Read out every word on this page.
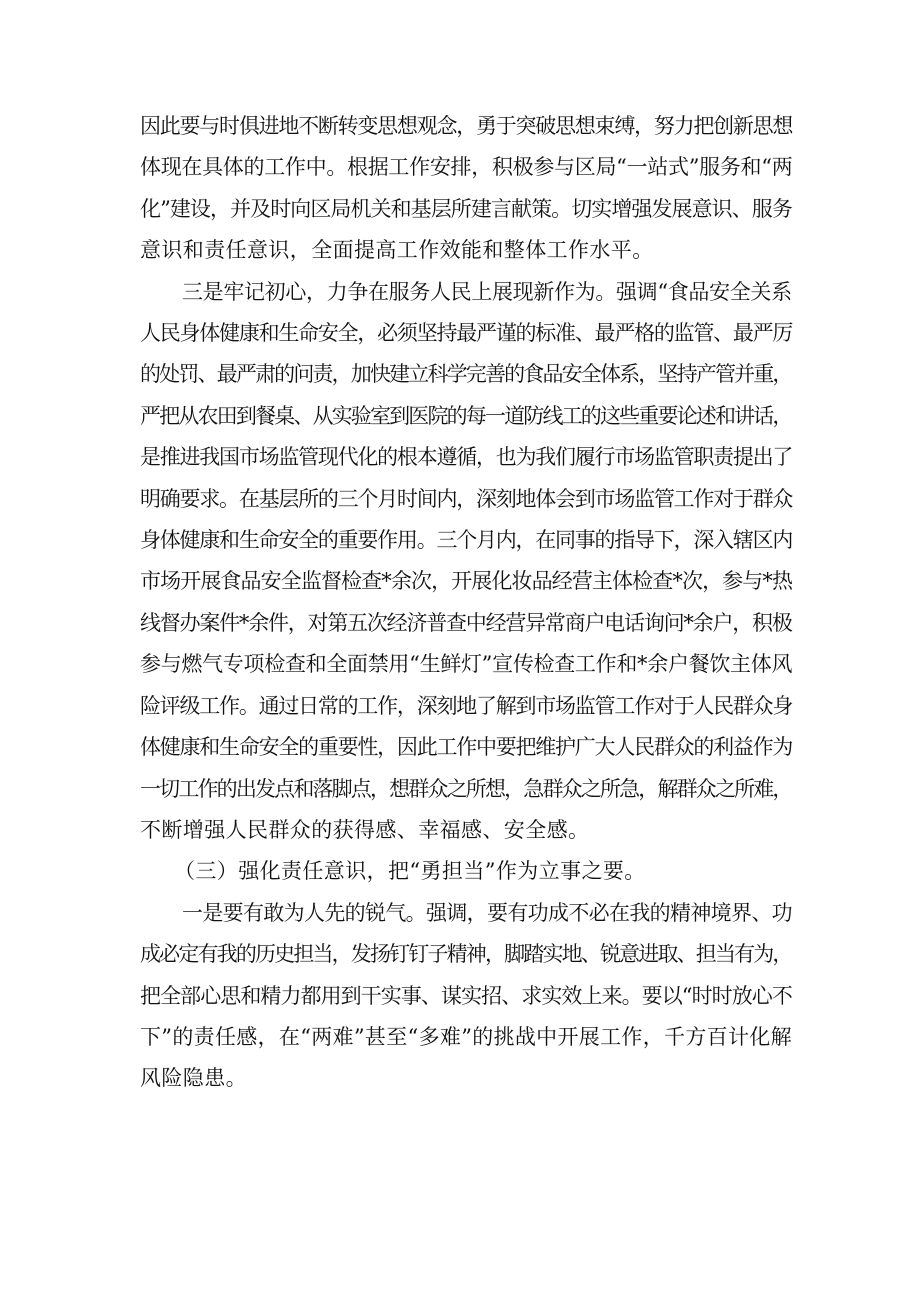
因此要与时俱进地不断转变思想观念，勇于突破思想束缚，努力把创新思想
体现在具体的工作中。根据工作安排，积极参与区局“一站式”服务和“两
化”建设，并及时向区局机关和基层所建言献策。切实增强发展意识、服务
意识和责任意识，全面提高工作效能和整体工作水平。

三是牢记初心，力争在服务人民上展现新作为。强调“食品安全关系
人民身体健康和生命安全，必须坚持最严谨的标准、最严格的监管、最严厉
的处罚、最严肃的问责，加快建立科学完善的食品安全体系，坚持产管并重，
严把从农田到餐桌、从实验室到医院的每一道防线工的这些重要论述和讲话，
是推进我国市场监管现代化的根本遵循，也为我们履行市场监管职责提出了
明确要求。在基层所的三个月时间内，深刻地体会到市场监管工作对于群众
身体健康和生命安全的重要作用。三个月内，在同事的指导下，深入辖区内
市场开展食品安全监督检查*余次，开展化妆品经营主体检查*次，参与*热
线督办案件*余件，对第五次经济普查中经营异常商户电话询问*余户，积极
参与燃气专项检查和全面禁用“生鲜灯”宣传检查工作和*余户餐饮主体风
险评级工作。通过日常的工作，深刻地了解到市场监管工作对于人民群众身
体健康和生命安全的重要性，因此工作中要把维护广大人民群众的利益作为
一切工作的出发点和落脚点，想群众之所想，急群众之所急，解群众之所难，
不断增强人民群众的获得感、幸福感、安全感。

（三）强化责任意识，把“勇担当”作为立事之要。

一是要有敢为人先的锐气。强调，要有功成不必在我的精神境界、功
成必定有我的历史担当，发扬钉钉子精神，脚踏实地、锐意进取、担当有为，
把全部心思和精力都用到干实事、谋实招、求实效上来。要以“时时放心不
下”的责任感，在“两难”甚至“多难”的挑战中开展工作，千方百计化解
风险隐患。
